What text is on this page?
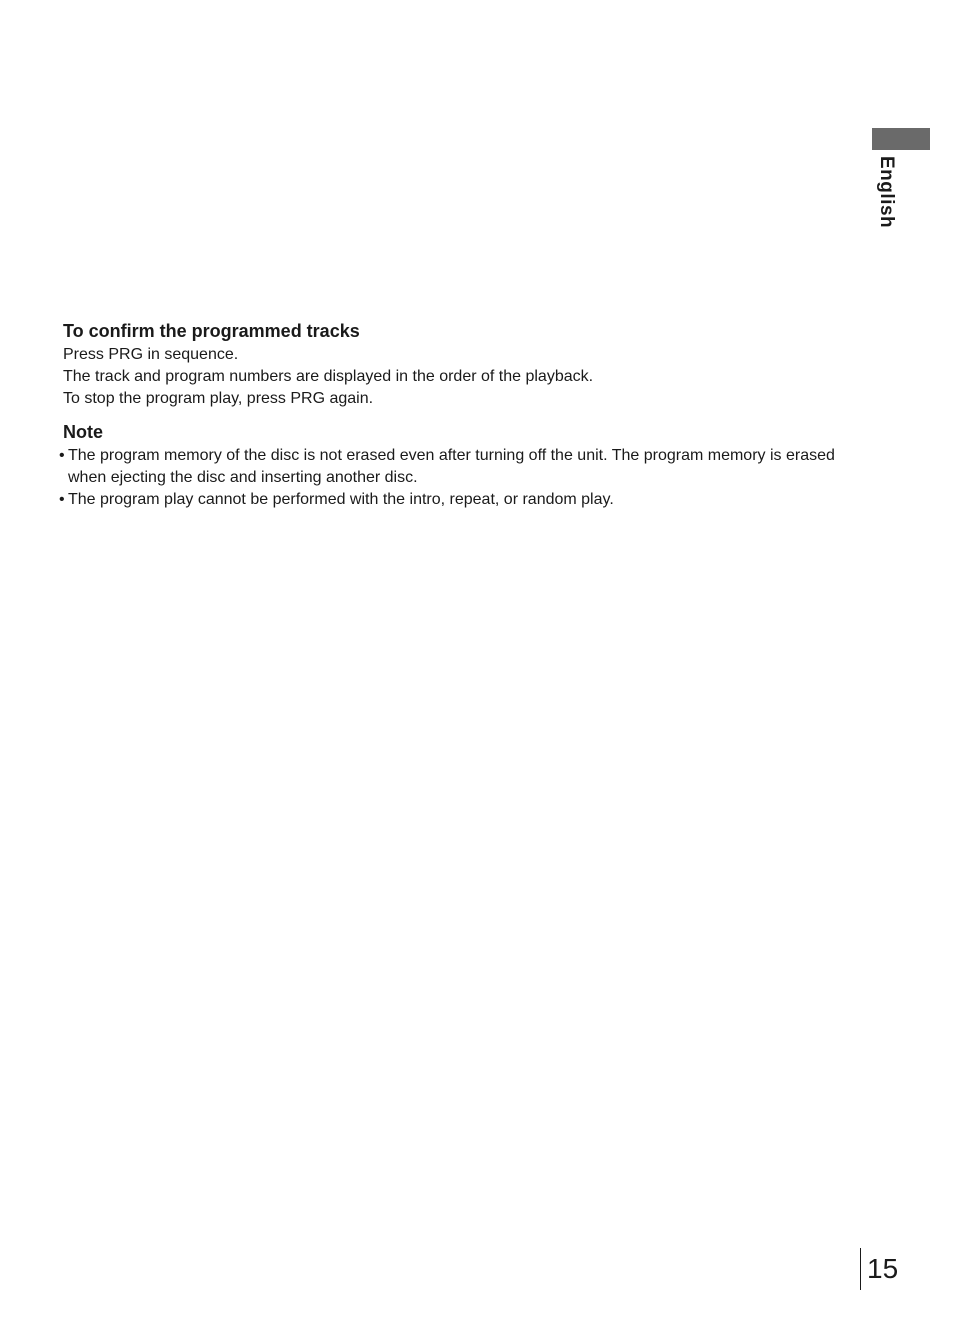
English
To confirm the programmed tracks

Press PRG in sequence.

The track and program numbers are displayed in the order of the playback.

To stop the program play, press PRG again.

Note
• The program memory of the disc is not erased even after turning off the unit. The program memory is erased when ejecting the disc and inserting another disc.
• The program play cannot be performed with the intro, repeat, or random play.
15
